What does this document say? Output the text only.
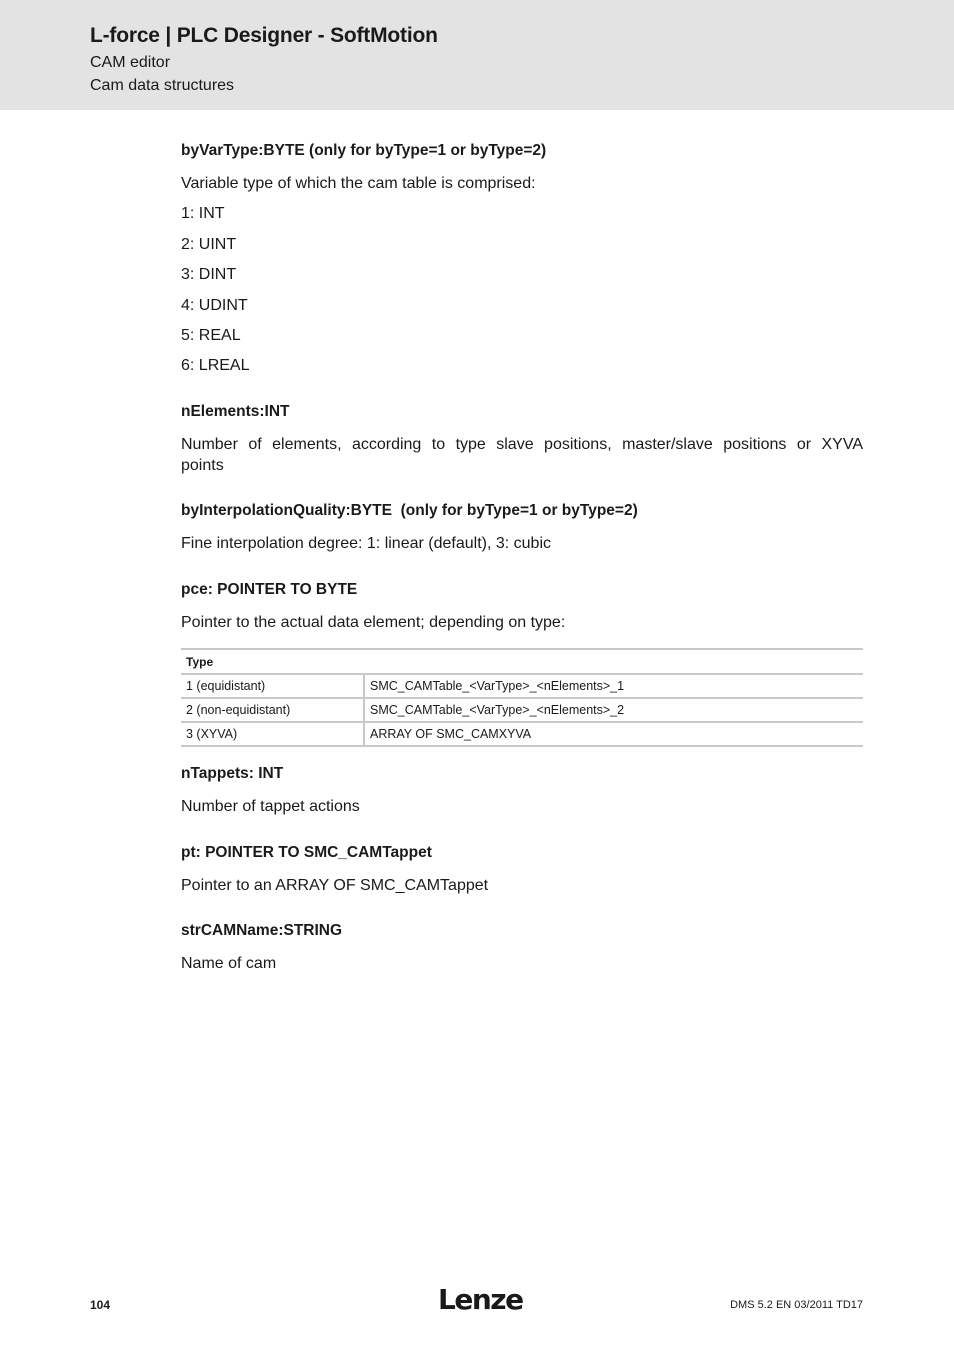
L-force | PLC Designer - SoftMotion
CAM editor
Cam data structures
byVarType:BYTE (only for byType=1 or byType=2)
Variable type of which the cam table is comprised:
1: INT
2: UINT
3: DINT
4: UDINT
5: REAL
6: LREAL
nElements:INT
Number of elements, according to type slave positions, master/slave positions or XYVA
points
byInterpolationQuality:BYTE  (only for byType=1 or byType=2)
Fine interpolation degree: 1: linear (default), 3: cubic
pce: POINTER TO BYTE
Pointer to the actual data element; depending on type:
Type	
1 (equidistant)	SMC_CAMTable_<VarType>_<nElements>_1
2 (non-equidistant)	SMC_CAMTable_<VarType>_<nElements>_2
3 (XYVA)	ARRAY OF SMC_CAMXYVA
nTappets: INT
Number of tappet actions
pt: POINTER TO SMC_CAMTappet
Pointer to an ARRAY OF SMC_CAMTappet
strCAMName:STRING
Name of cam
104	Lenze	DMS 5.2 EN 03/2011 TD17
